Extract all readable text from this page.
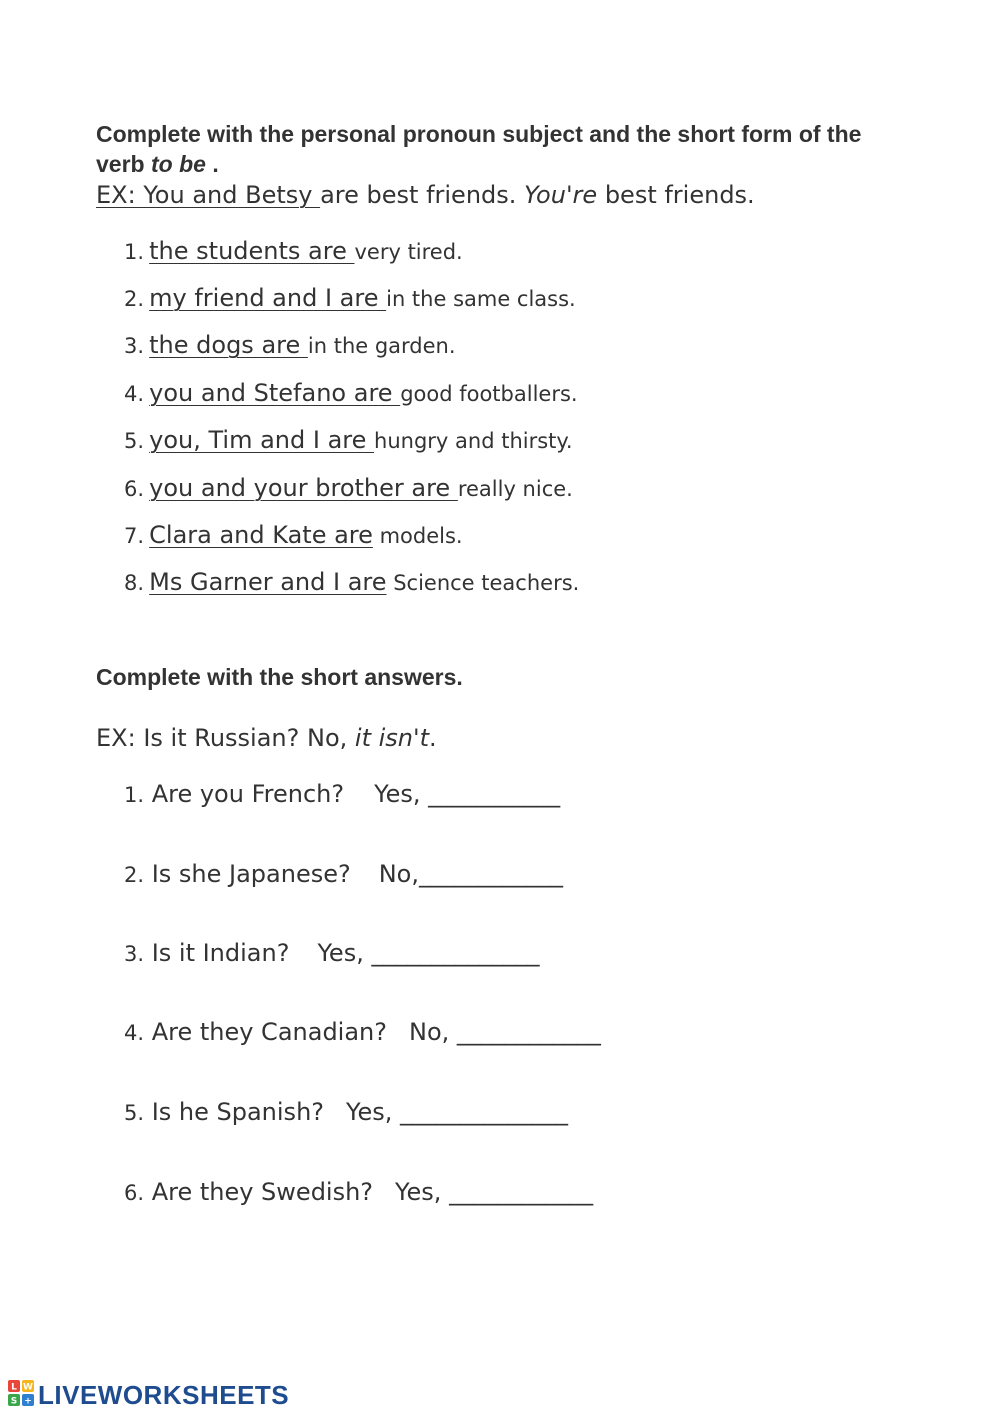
Complete with the personal pronoun subject and the short form of the verb to be .
EX: You and Betsy are best friends. You're best friends.
1. the students are very tired.
2. my friend and I are in the same class.
3. the dogs are in the garden.
4. you and Stefano are good footballers.
5. you, Tim and I are hungry and thirsty.
6. you and your brother are really nice.
7. Clara and Kate are models.
8. Ms Garner and I are Science teachers.
Complete with the short answers.
EX: Is it Russian? No, it isn't.
1. Are you French? Yes, ___________
2. Is she Japanese? No,____________
3. Is it Indian? Yes, ______________
4. Are they Canadian? No, ____________
5. Is he Spanish? Yes, ______________
6. Are they Swedish? Yes, ____________
L W
S + LIVEWORKSHEETS
